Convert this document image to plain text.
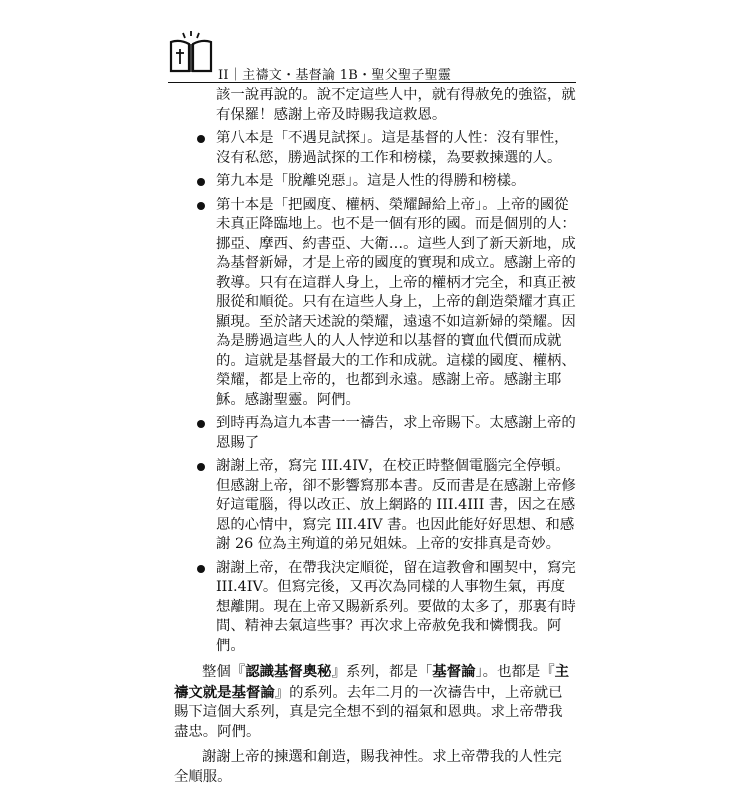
II｜主禱文・基督論 1B・聖父聖子聖靈

該一說再說的。說不定這些人中，就有得赦免的強盜，就有保羅！感謝上帝及時賜我這救恩。

第八本是「不遇見試探」。這是基督的人性：沒有罪性，沒有私慾，勝過試探的工作和榜樣，為要救揀選的人。
第九本是「脫離兇惡」。這是人性的得勝和榜樣。
第十本是「把國度、權柄、榮耀歸給上帝」。上帝的國從未真正降臨地上。也不是一個有形的國。而是個別的人：挪亞、摩西、約書亞、大衛…。這些人到了新天新地，成為基督新婦，才是上帝的國度的實現和成立。感謝上帝的教導。只有在這群人身上，上帝的權柄才完全，和真正被服從和順從。只有在這些人身上，上帝的創造榮耀才真正顯現。至於諸天述說的榮耀，遠遠不如這新婦的榮耀。因為是勝過這些人的人人悖逆和以基督的寶血代價而成就的。這就是基督最大的工作和成就。這樣的國度、權柄、榮耀，都是上帝的，也都到永遠。感謝上帝。感謝主耶穌。感謝聖靈。阿們。
到時再為這九本書一一禱告，求上帝賜下。太感謝上帝的恩賜了
謝謝上帝，寫完 III.4IV，在校正時整個電腦完全停頓。但感謝上帝，卻不影響寫那本書。反而書是在感謝上帝修好這電腦，得以改正、放上網路的 III.4III 書，因之在感恩的心情中，寫完 III.4IV 書。也因此能好好思想、和感謝 26 位為主殉道的弟兄姐妹。上帝的安排真是奇妙。
謝謝上帝，在帶我決定順從，留在這教會和團契中，寫完 III.4IV。但寫完後，又再次為同樣的人事物生氣，再度想離開。現在上帝又賜新系列。要做的太多了，那裏有時間、精神去氣這些事？再次求上帝赦免我和憐憫我。阿們。

整個『認識基督奧秘』系列，都是「基督論」。也都是『主禱文就是基督論』的系列。去年二月的一次禱告中，上帝就已賜下這個大系列，真是完全想不到的福氣和恩典。求上帝帶我盡忠。阿們。

謝謝上帝的揀選和創造，賜我神性。求上帝帶我的人性完全順服。
